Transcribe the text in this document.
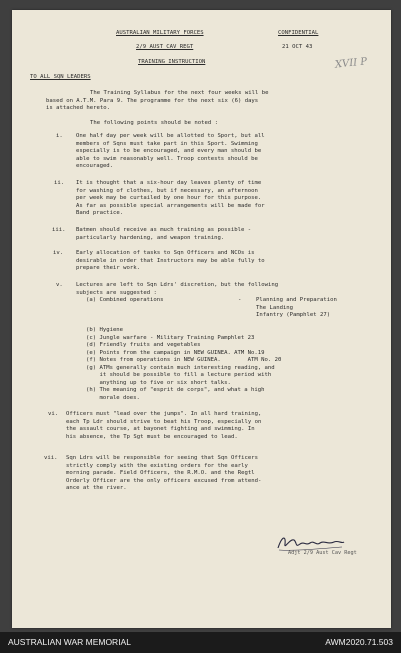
AUSTRALIAN MILITARY FORCES	CONFIDENTIAL
2/9 AUST CAV REGT	21 OCT 43
TRAINING INSTRUCTION	XVII P
TO ALL SQN LEADERS
The Training Syllabus for the next four weeks will be
based on A.T.M. Para 9. The programme for the next six (6) days
is attached hereto.
The following points should be noted :
i. One half day per week will be allotted to Sport, but all
members of Sqns must take part in this Sport. Swimming
especially is to be encouraged, and every man should be
able to swim reasonably well. Troop contests should be
encouraged.
ii. It is thought that a six-hour day leaves plenty of time
for washing of clothes, but if necessary, an afternoon
per week may be curtailed by one hour for this purpose.
As far as possible special arrangements will be made for
Band practice.
iii. Batmen should receive as much training as possible -
particularly hardening, and weapon training.
iv. Early allocation of tasks to Sqn Officers and NCOs is
desirable in order that Instructors may be able fully to
prepare their work.
v. Lectures are left to Sqn Ldrs' discretion, but the following
subjects are suggested :
(a) Combined operations	-	Planning and Preparation
The Landing
Infantry (Pamphlet 27)
(b) Hygiene
(c) Jungle warfare - Military Training Pamphlet 23
(d) Friendly fruits and vegetables
(e) Points from the campaign in NEW GUINEA. ATM No.19
(f) Notes from operations in NEW GUINEA.        ATM No. 20
(g) ATMs generally contain much interesting reading, and
it should be possible to fill a lecture period with
anything up to five or six short talks.
(h) The meaning of "esprit de corps", and what a high
morale does.
vi. Officers must "lead over the jumps". In all hard training,
each Tp Ldr should strive to beat his Troop, especially on
the assault course, at bayonet fighting and swimming. In
his absence, the Tp Sgt must be encouraged to lead.
vii. Sqn Ldrs will be responsible for seeing that Sqn Officers
strictly comply with the existing orders for the early
morning parade. Field Officers, the R.M.O. and the Regtl
Orderly Officer are the only officers excused from attend-
ance at the river.
Adjt 2/9 Aust Cav Regt
AUSTRALIAN WAR MEMORIAL	AWM2020.71.503
